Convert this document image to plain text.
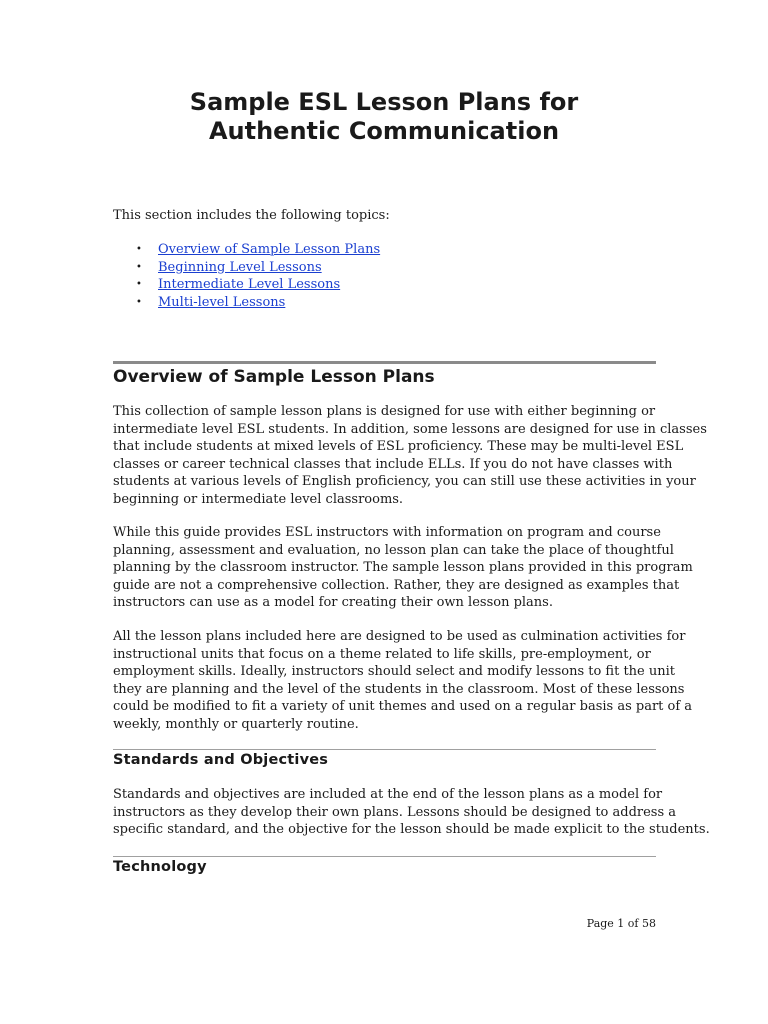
Sample ESL Lesson Plans for
Authentic Communication

This section includes the following topics:

• Overview of Sample Lesson Plans
• Beginning Level Lessons
• Intermediate Level Lessons
• Multi-level Lessons
Overview of Sample Lesson Plans

This collection of sample lesson plans is designed for use with either beginning or
intermediate level ESL students. In addition, some lessons are designed for use in classes
that include students at mixed levels of ESL proficiency. These may be multi-level ESL
classes or career technical classes that include ELLs. If you do not have classes with
students at various levels of English proficiency, you can still use these activities in your
beginning or intermediate level classrooms.

While this guide provides ESL instructors with information on program and course
planning, assessment and evaluation, no lesson plan can take the place of thoughtful
planning by the classroom instructor. The sample lesson plans provided in this program
guide are not a comprehensive collection. Rather, they are designed as examples that
instructors can use as a model for creating their own lesson plans.

All the lesson plans included here are designed to be used as culmination activities for
instructional units that focus on a theme related to life skills, pre-employment, or
employment skills. Ideally, instructors should select and modify lessons to fit the unit
they are planning and the level of the students in the classroom. Most of these lessons
could be modified to fit a variety of unit themes and used on a regular basis as part of a
weekly, monthly or quarterly routine.

Standards and Objectives

Standards and objectives are included at the end of the lesson plans as a model for
instructors as they develop their own plans. Lessons should be designed to address a
specific standard, and the objective for the lesson should be made explicit to the students.

Technology

Page 1 of 58
